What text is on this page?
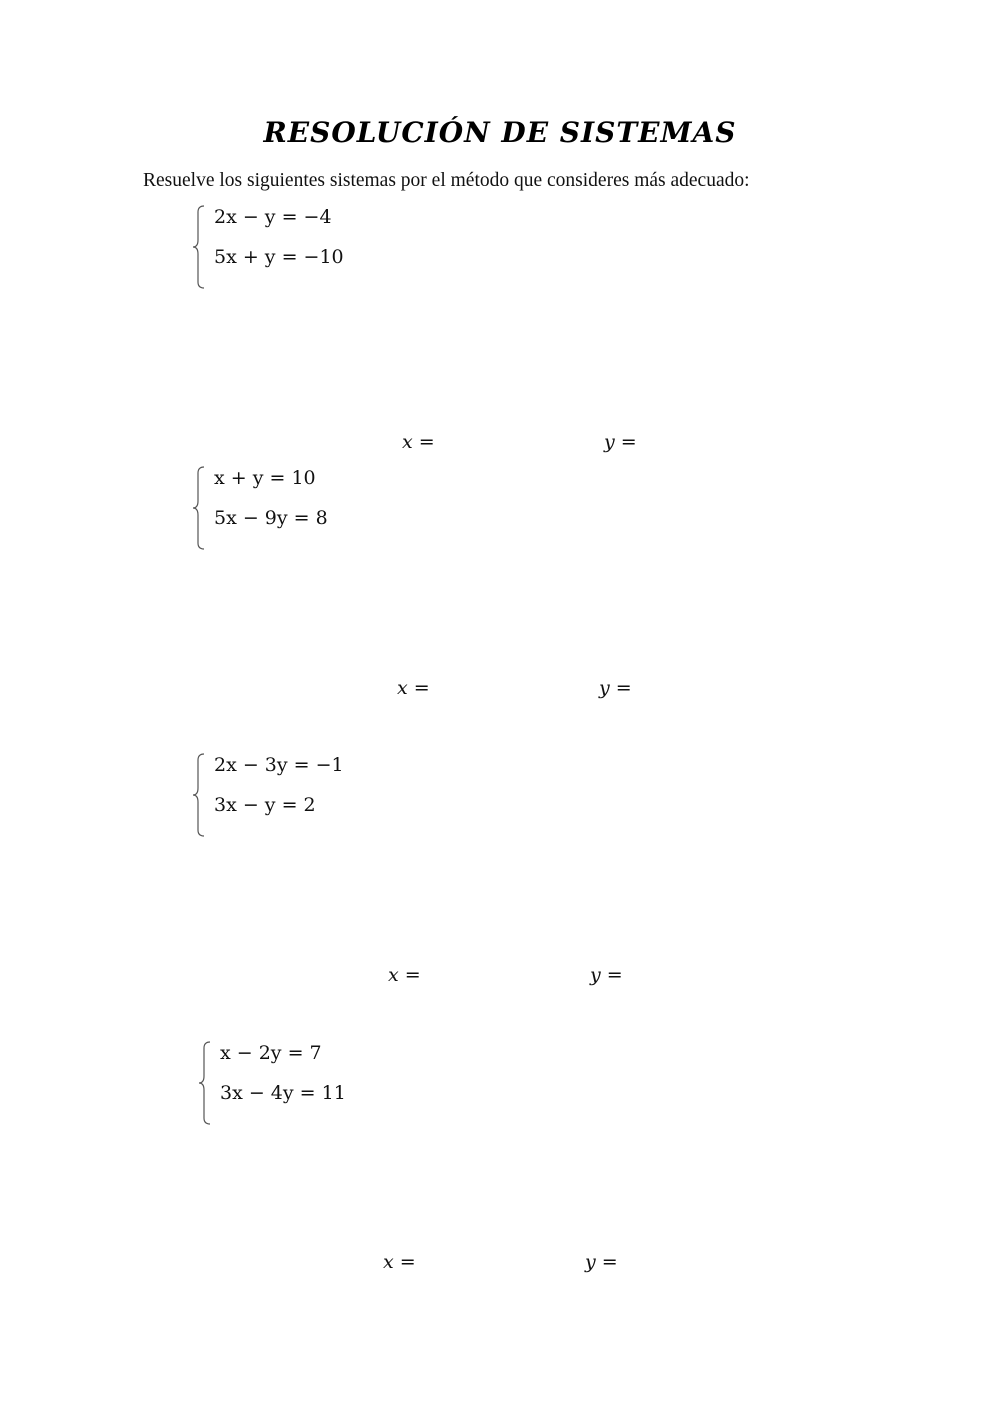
RESOLUCIÓN DE SISTEMAS
Resuelve los siguientes sistemas por el método que consideres más adecuado:
2x − y = −4
5x + y = −10
x =	y =
x + y = 10
5x − 9y = 8
x =	y =
2x − 3y = −1
3x − y = 2
x =	y =
x − 2y = 7
3x − 4y = 11
x =	y =
